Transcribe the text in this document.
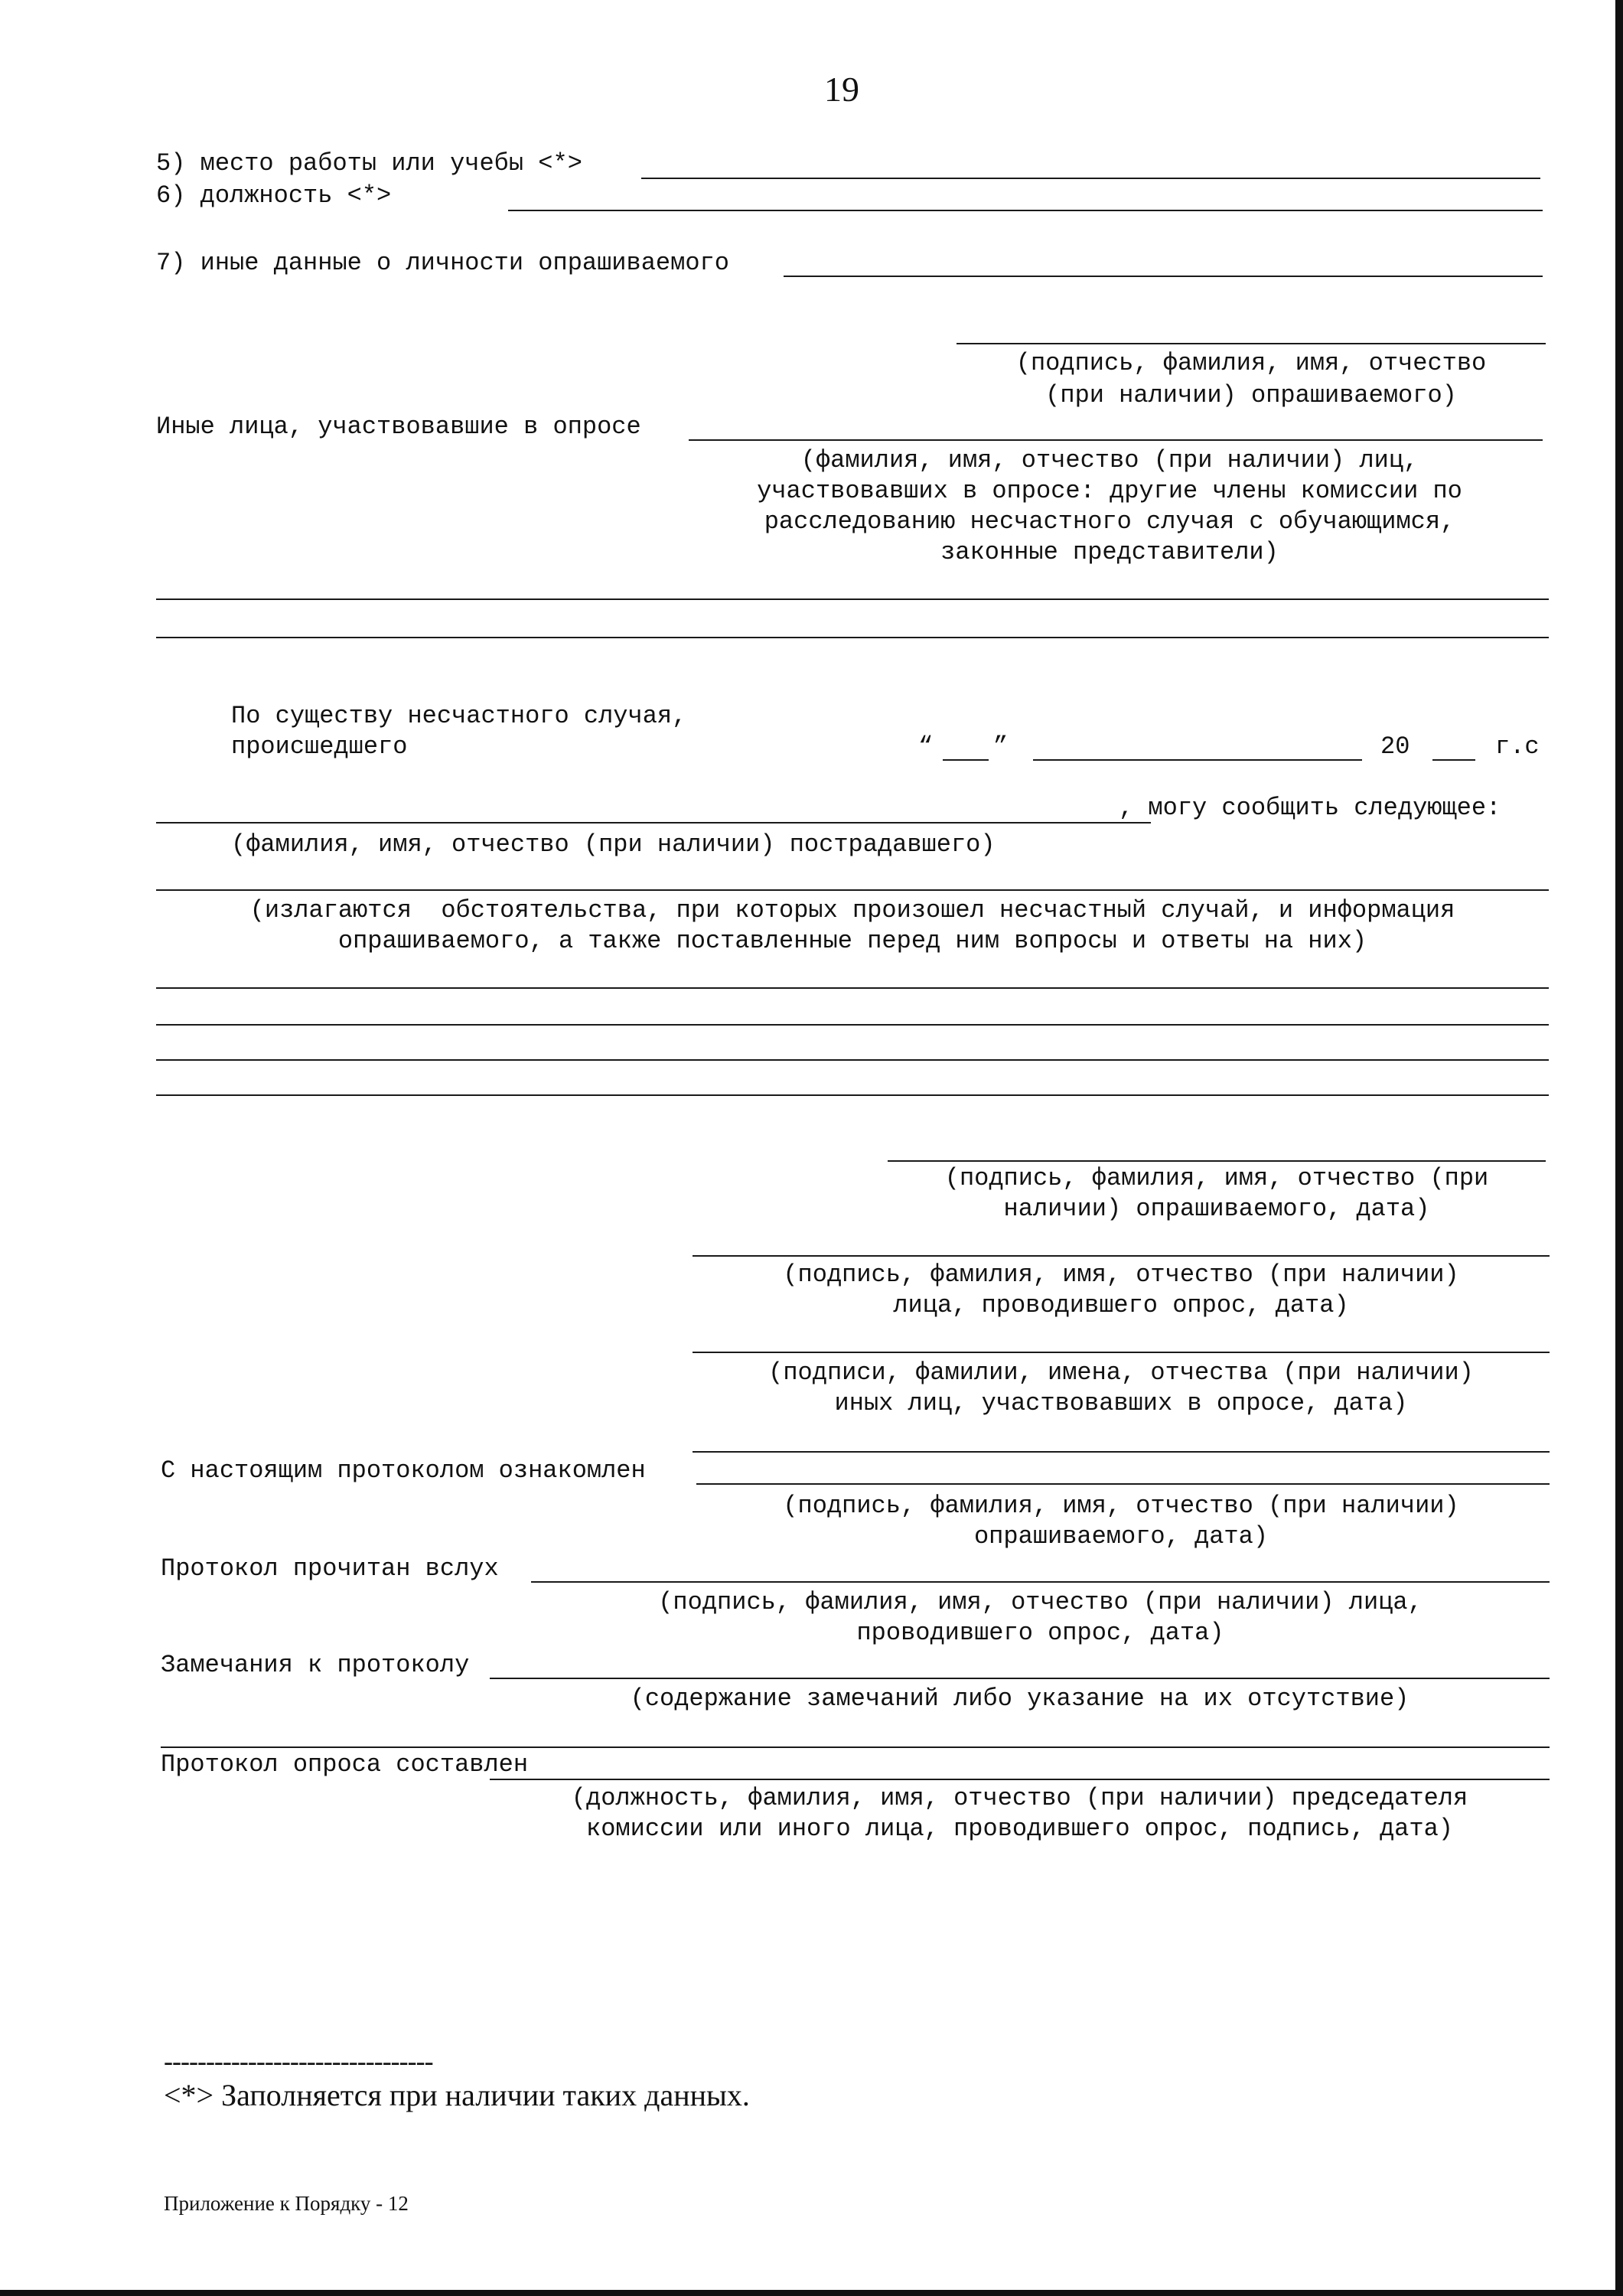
19
5) место работы или учебы <*>
6) должность <*>
7) иные данные о личности опрашиваемого
(подпись, фамилия, имя, отчество
(при наличии) опрашиваемого)
Иные лица, участвовавшие в опросе
(фамилия, имя, отчество (при наличии) лиц,
участвовавших в опросе: другие члены комиссии по
расследованию несчастного случая с обучающимся,
законные представители)
По существу несчастного случая,
происшедшего	“ ”	20	г.с
, могу сообщить следующее:
(фамилия, имя, отчество (при наличии) пострадавшего)
(излагаются  обстоятельства, при которых произошел несчастный случай, и информация
опрашиваемого, а также поставленные перед ним вопросы и ответы на них)
(подпись, фамилия, имя, отчество (при
наличии) опрашиваемого, дата)
(подпись, фамилия, имя, отчество (при наличии)
лица, проводившего опрос, дата)
(подписи, фамилии, имена, отчества (при наличии)
иных лиц, участвовавших в опросе, дата)
С настоящим протоколом ознакомлен
(подпись, фамилия, имя, отчество (при наличии)
опрашиваемого, дата)
Протокол прочитан вслух
(подпись, фамилия, имя, отчество (при наличии) лица,
проводившего опрос, дата)
Замечания к протоколу
(содержание замечаний либо указание на их отсутствие)
Протокол опроса составлен
(должность, фамилия, имя, отчество (при наличии) председателя
комиссии или иного лица, проводившего опрос, подпись, дата)
--------------------------------
<*> Заполняется при наличии таких данных.
Приложение к Порядку - 12
